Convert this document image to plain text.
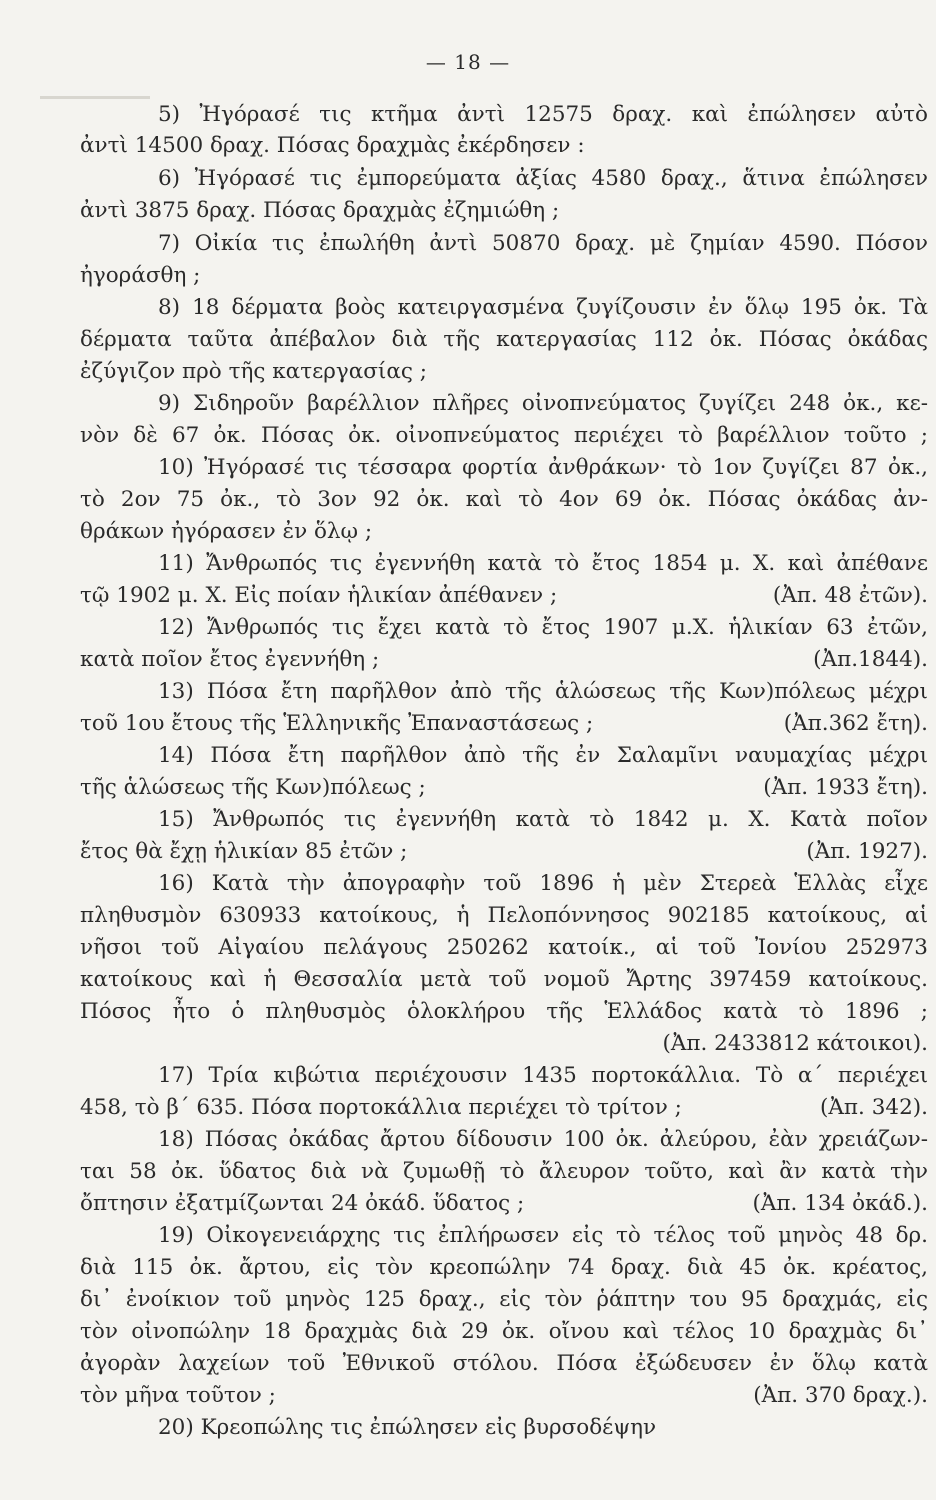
— 18 —
5) Ἠγόρασέ τις κτῆμα ἀντὶ 12575 δραχ. καὶ ἐπώλησεν αὐτὸ
ἀντὶ 14500 δραχ. Πόσας δραχμὰς ἐκέρδησεν :
6) Ἠγόρασέ τις ἐμπορεύματα ἀξίας 4580 δραχ., ἅτινα ἐπώλησεν
ἀντὶ 3875 δραχ. Πόσας δραχμὰς ἐζημιώθη ;
7) Οἰκία τις ἐπωλήθη ἀντὶ 50870 δραχ. μὲ ζημίαν 4590. Πόσον
ἠγοράσθη ;
8) 18 δέρματα βοὸς κατειργασμένα ζυγίζουσιν ἐν ὅλῳ 195 ὀκ. Τὰ
δέρματα ταῦτα ἀπέβαλον διὰ τῆς κατεργασίας 112 ὀκ. Πόσας ὀκάδας
ἐζύγιζον πρὸ τῆς κατεργασίας ;
9) Σιδηροῦν βαρέλλιον πλῆρες οἰνοπνεύματος ζυγίζει 248 ὀκ., κε-
νὸν δὲ 67 ὀκ. Πόσας ὀκ. οἰνοπνεύματος περιέχει τὸ βαρέλλιον τοῦτο ;
10) Ἠγόρασέ τις τέσσαρα φορτία ἀνθράκων· τὸ 1ον ζυγίζει 87 ὀκ.,
τὸ 2ον 75 ὀκ., τὸ 3ον 92 ὀκ. καὶ τὸ 4ον 69 ὀκ. Πόσας ὀκάδας ἀν-
θράκων ἠγόρασεν ἐν ὅλῳ ;
11) Ἄνθρωπός τις ἐγεννήθη κατὰ τὸ ἔτος 1854 μ. Χ. καὶ ἀπέθανε
τῷ 1902 μ. Χ. Εἰς ποίαν ἡλικίαν ἀπέθανεν ;	(Ἀπ. 48 ἐτῶν).
12) Ἄνθρωπός τις ἔχει κατὰ τὸ ἔτος 1907 μ.Χ. ἡλικίαν 63 ἐτῶν,
κατὰ ποῖον ἔτος ἐγεννήθη ;	(Ἀπ.1844).
13) Πόσα ἔτη παρῆλθον ἀπὸ τῆς ἁλώσεως τῆς Κων)πόλεως μέχρι
τοῦ 1ου ἔτους τῆς Ἑλληνικῆς Ἐπαναστάσεως ;	(Ἀπ.362 ἔτη).
14) Πόσα ἔτη παρῆλθον ἀπὸ τῆς ἐν Σαλαμῖνι ναυμαχίας μέχρι
τῆς ἁλώσεως τῆς Κων)πόλεως ;	(Ἀπ. 1933 ἔτη).
15) Ἄνθρωπός τις ἐγεννήθη κατὰ τὸ 1842 μ. Χ. Κατὰ ποῖον
ἔτος θὰ ἔχῃ ἡλικίαν 85 ἐτῶν ;	(Ἀπ. 1927).
16) Κατὰ τὴν ἀπογραφὴν τοῦ 1896 ἡ μὲν Στερεὰ Ἑλλὰς εἶχε
πληθυσμὸν 630933 κατοίκους, ἡ Πελοπόννησος 902185 κατοίκους, αἱ
νῆσοι τοῦ Αἰγαίου πελάγους 250262 κατοίκ., αἱ τοῦ Ἰονίου 252973
κατοίκους καὶ ἡ Θεσσαλία μετὰ τοῦ νομοῦ Ἄρτης 397459 κατοίκους.
Πόσος ἦτο ὁ πληθυσμὸς ὁλοκλήρου τῆς Ἑλλάδος κατὰ τὸ 1896 ;
(Ἀπ. 2433812 κάτοικοι).
17) Τρία κιβώτια περιέχουσιν 1435 πορτοκάλλια. Τὸ α΄ περιέχει
458, τὸ β΄ 635. Πόσα πορτοκάλλια περιέχει τὸ τρίτον ;	(Ἀπ. 342).
18) Πόσας ὀκάδας ἄρτου δίδουσιν 100 ὀκ. ἀλεύρου, ἐὰν χρειάζων-
ται 58 ὀκ. ὕδατος διὰ νὰ ζυμωθῇ τὸ ἄλευρον τοῦτο, καὶ ἂν κατὰ τὴν
ὄπτησιν ἐξατμίζωνται 24 ὀκάδ. ὕδατος ;	(Ἀπ. 134 ὀκάδ.).
19) Οἰκογενειάρχης τις ἐπλήρωσεν εἰς τὸ τέλος τοῦ μηνὸς 48 δρ.
διὰ 115 ὀκ. ἄρτου, εἰς τὸν κρεοπώλην 74 δραχ. διὰ 45 ὀκ. κρέατος,
δι᾿ ἐνοίκιον τοῦ μηνὸς 125 δραχ., εἰς τὸν ῥάπτην του 95 δραχμάς, εἰς
τὸν οἰνοπώλην 18 δραχμὰς διὰ 29 ὀκ. οἴνου καὶ τέλος 10 δραχμὰς δι᾿
ἀγορὰν λαχείων τοῦ Ἐθνικοῦ στόλου. Πόσα ἐξώδευσεν ἐν ὅλῳ κατὰ
τὸν μῆνα τοῦτον ;	(Ἀπ. 370 δραχ.).
20) Κρεοπώλης τις ἐπώλησεν εἰς βυρσοδέψην
